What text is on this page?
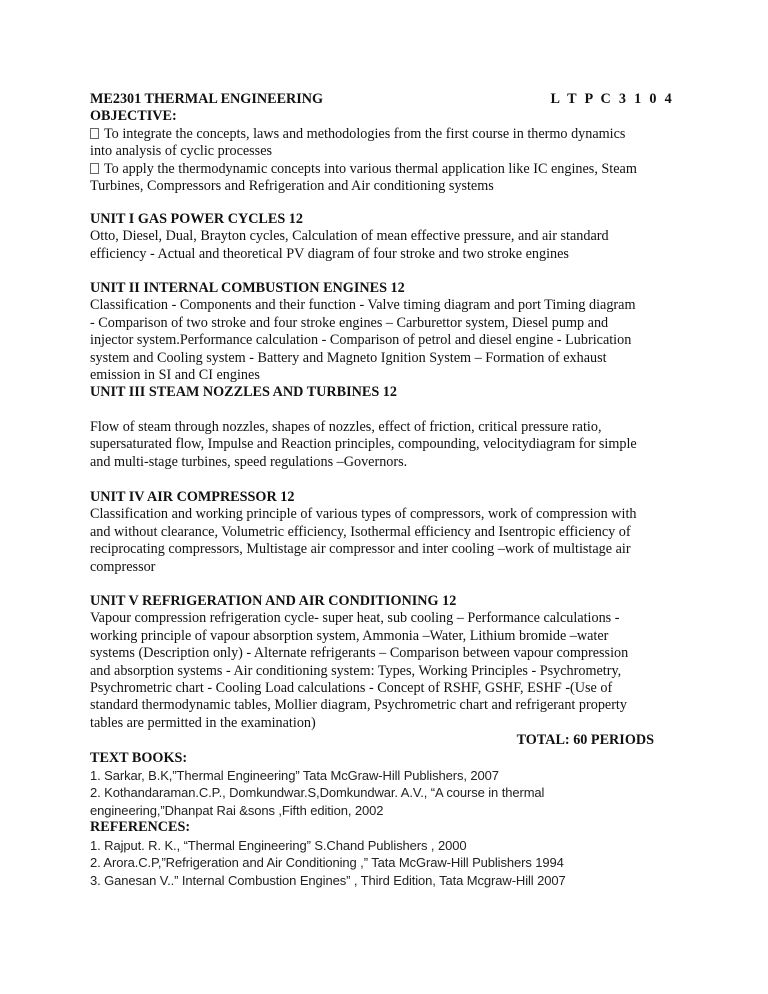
ME2301 THERMAL ENGINEERING	L T P C 3 1 0 4
OBJECTIVE:
To integrate the concepts, laws and methodologies from the first course in thermo dynamics
into analysis of cyclic processes
To apply the thermodynamic concepts into various thermal application like IC engines, Steam
Turbines, Compressors and Refrigeration and Air conditioning systems
UNIT I GAS POWER CYCLES 12
Otto, Diesel, Dual, Brayton cycles, Calculation of mean effective pressure, and air standard
efficiency - Actual and theoretical PV diagram of four stroke and two stroke engines
UNIT II INTERNAL COMBUSTION ENGINES 12
Classification - Components and their function - Valve timing diagram and port Timing diagram
- Comparison of two stroke and four stroke engines – Carburettor system, Diesel pump and
injector system.Performance calculation - Comparison of petrol and diesel engine - Lubrication
system and Cooling system - Battery and Magneto Ignition System – Formation of exhaust
emission in SI and CI engines
UNIT III STEAM NOZZLES AND TURBINES 12
Flow of steam through nozzles, shapes of nozzles, effect of friction, critical pressure ratio,
supersaturated flow, Impulse and Reaction principles, compounding, velocitydiagram for simple
and multi-stage turbines, speed regulations –Governors.
UNIT IV AIR COMPRESSOR 12
Classification and working principle of various types of compressors, work of compression with
and without clearance, Volumetric efficiency, Isothermal efficiency and Isentropic efficiency of
reciprocating compressors, Multistage air compressor and inter cooling –work of multistage air
compressor
UNIT V REFRIGERATION AND AIR CONDITIONING 12
Vapour compression refrigeration cycle- super heat, sub cooling – Performance calculations -
working principle of vapour absorption system, Ammonia –Water, Lithium bromide –water
systems (Description only) - Alternate refrigerants – Comparison between vapour compression
and absorption systems - Air conditioning system: Types, Working Principles - Psychrometry,
Psychrometric chart - Cooling Load calculations - Concept of RSHF, GSHF, ESHF -(Use of
standard thermodynamic tables, Mollier diagram, Psychrometric chart and refrigerant property
tables are permitted in the examination)
TOTAL: 60 PERIODS
TEXT BOOKS:
1. Sarkar, B.K,”Thermal Engineering” Tata McGraw-Hill Publishers, 2007
2. Kothandaraman.C.P., Domkundwar.S,Domkundwar. A.V., “A course in thermal
engineering,”Dhanpat Rai &sons ,Fifth edition, 2002
REFERENCES:
1. Rajput. R. K., “Thermal Engineering” S.Chand Publishers , 2000
2. Arora.C.P,”Refrigeration and Air Conditioning ,” Tata McGraw-Hill Publishers 1994
3. Ganesan V..” Internal Combustion Engines” , Third Edition, Tata Mcgraw-Hill 2007
